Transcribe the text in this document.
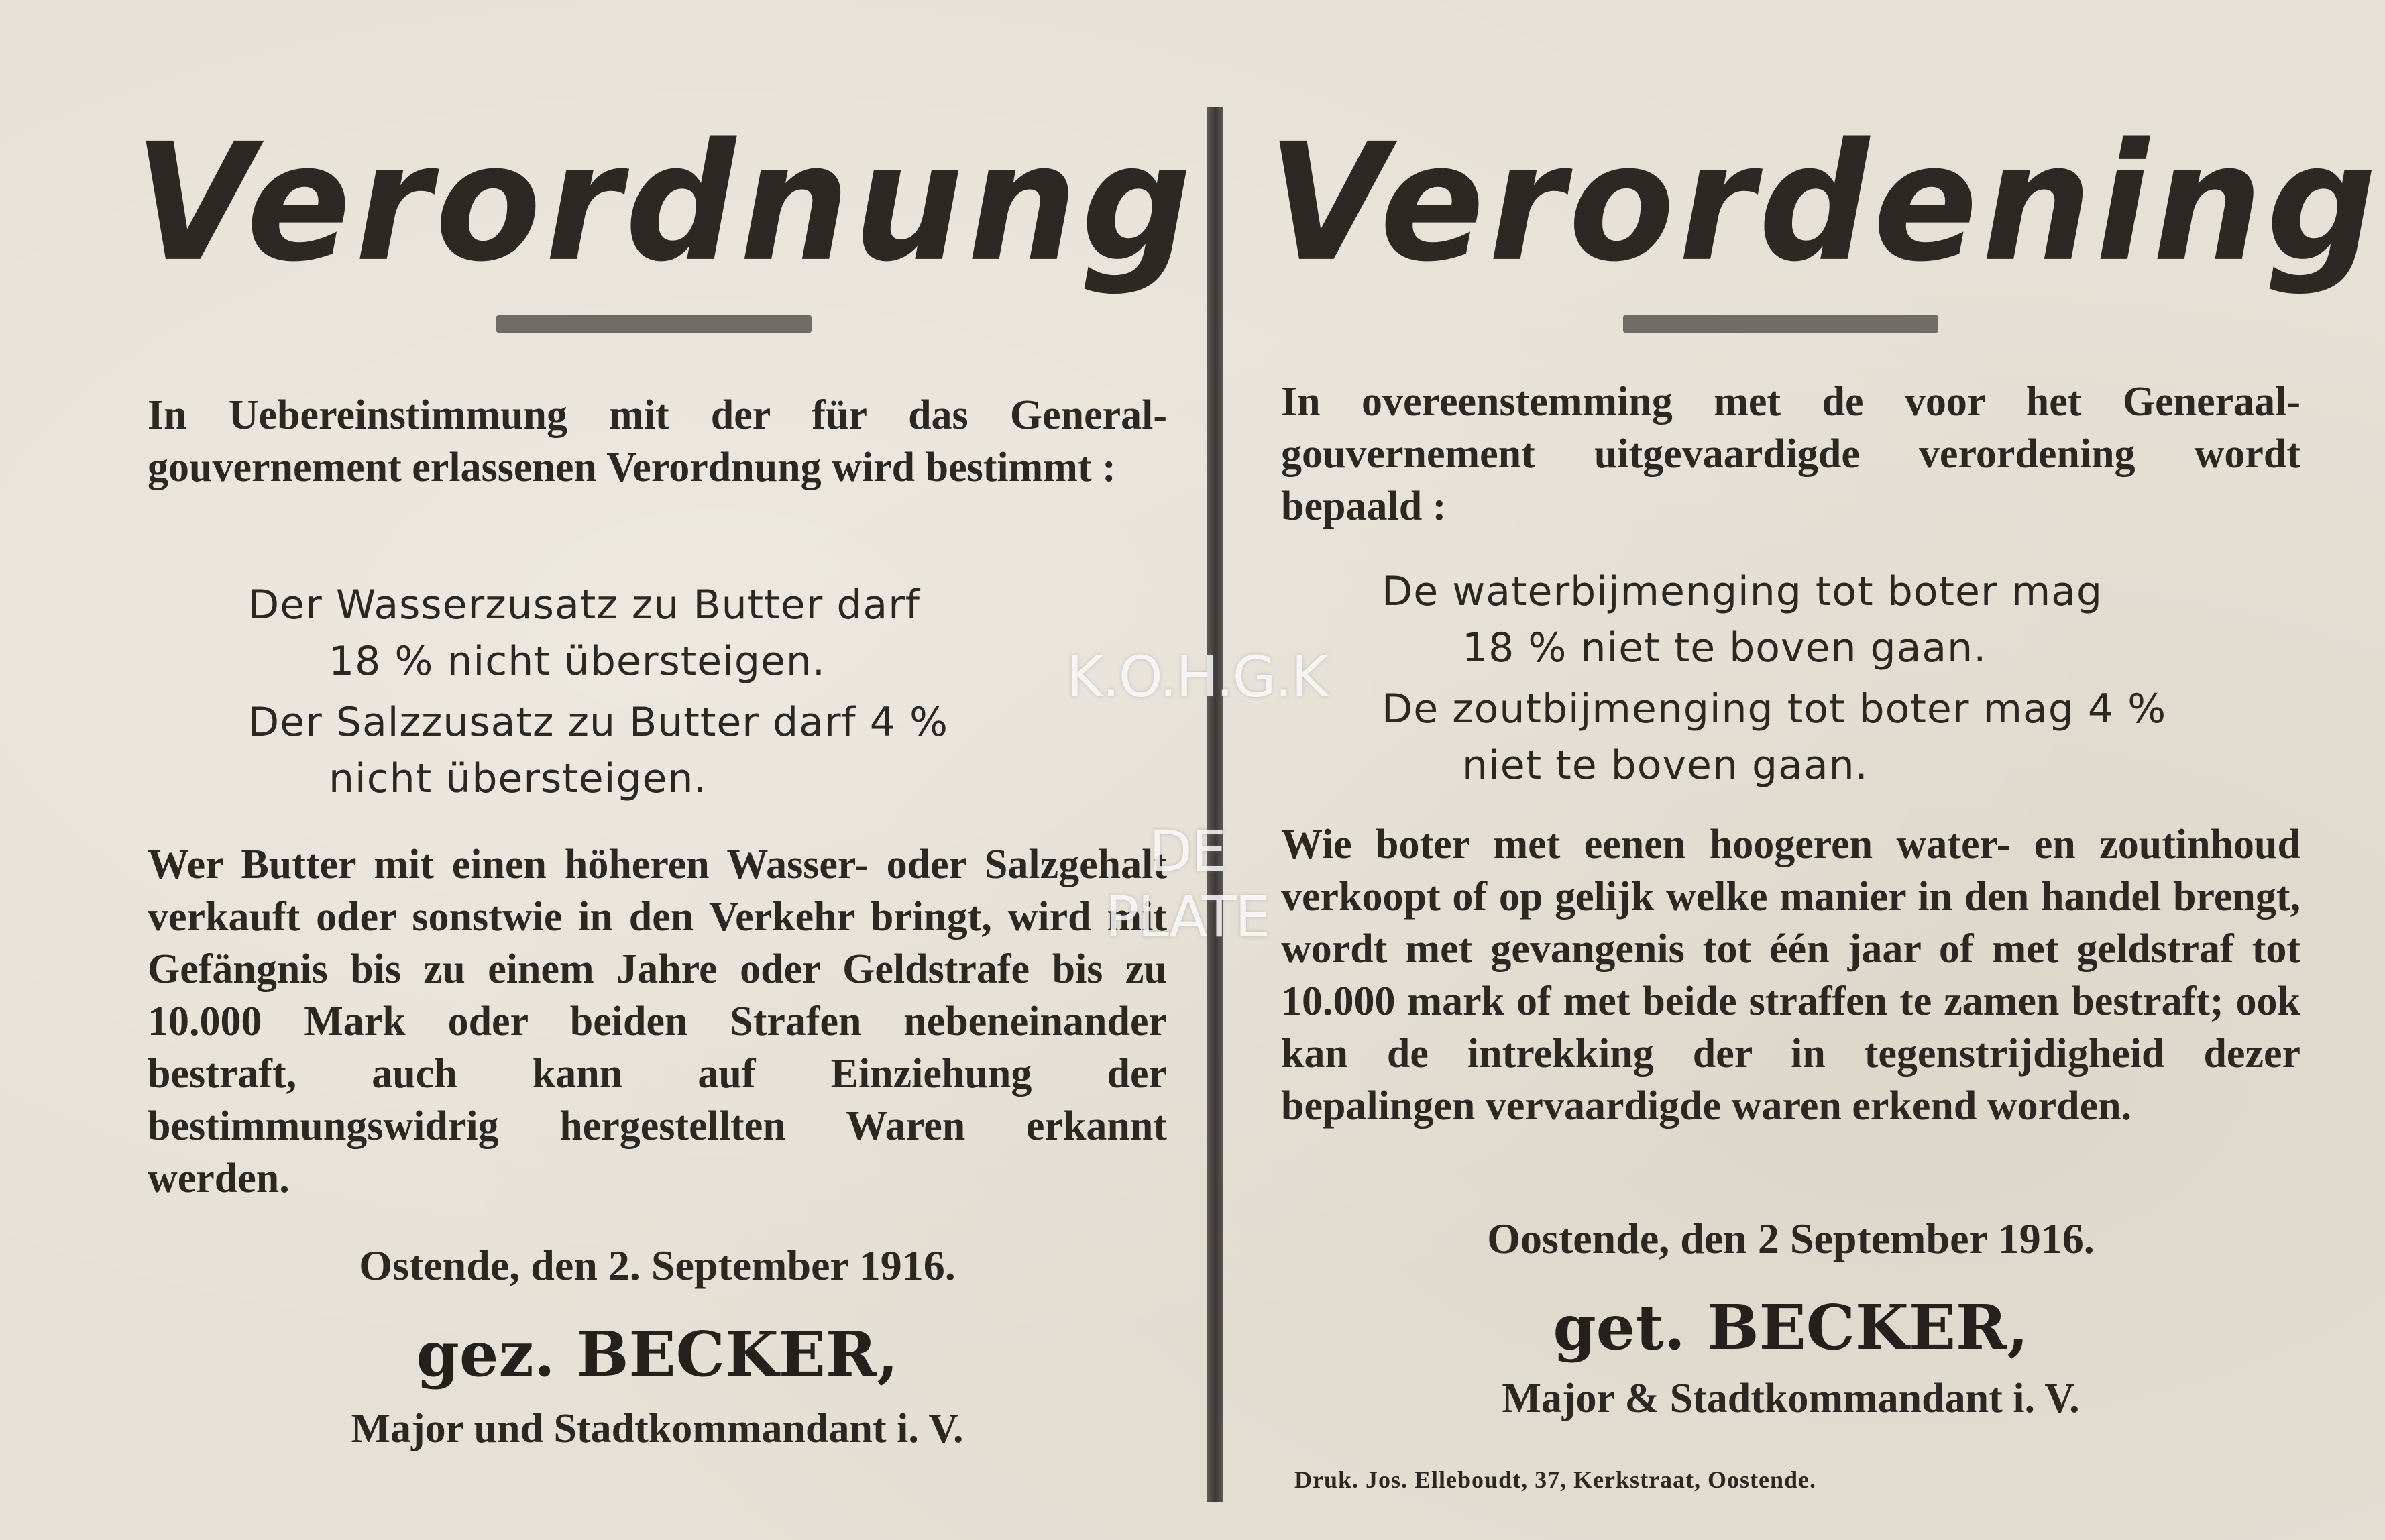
Verordnung
In Uebereinstimmung mit der für das General-gouvernement erlassenen Verordnung wird bestimmt :
Der Wasserzusatz zu Butter darf
18 % nicht übersteigen.
Der Salzzusatz zu Butter darf 4 %
nicht übersteigen.
Wer Butter mit einen höheren Wasser- oder Salzgehalt verkauft oder sonstwie in den Verkehr bringt, wird mit Gefängnis bis zu einem Jahre oder Geldstrafe bis zu 10.000 Mark oder beiden Strafen nebeneinander bestraft, auch kann auf Einziehung der bestimmungswidrig hergestellten Waren erkannt werden.
Ostende, den 2. September 1916.
gez. BECKER,
Major und Stadtkommandant i. V.
Verordening
In overeenstemming met de voor het Generaal-gouvernement uitgevaardigde verordening wordt bepaald :
De waterbijmenging tot boter mag
18 % niet te boven gaan.
De zoutbijmenging tot boter mag 4 %
niet te boven gaan.
Wie boter met eenen hoogeren water- en zoutinhoud verkoopt of op gelijk welke manier in den handel brengt, wordt met gevangenis tot één jaar of met geldstraf tot 10.000 mark of met beide straffen te zamen bestraft; ook kan de intrekking der in tegenstrijdigheid dezer bepalingen vervaardigde waren erkend worden.
Oostende, den 2 September 1916.
get. BECKER,
Major & Stadtkommandant i. V.
Druk. Jos. Elleboudt, 37, Kerkstraat, Oostende.
K.O.H.G.K
DE PLATE
